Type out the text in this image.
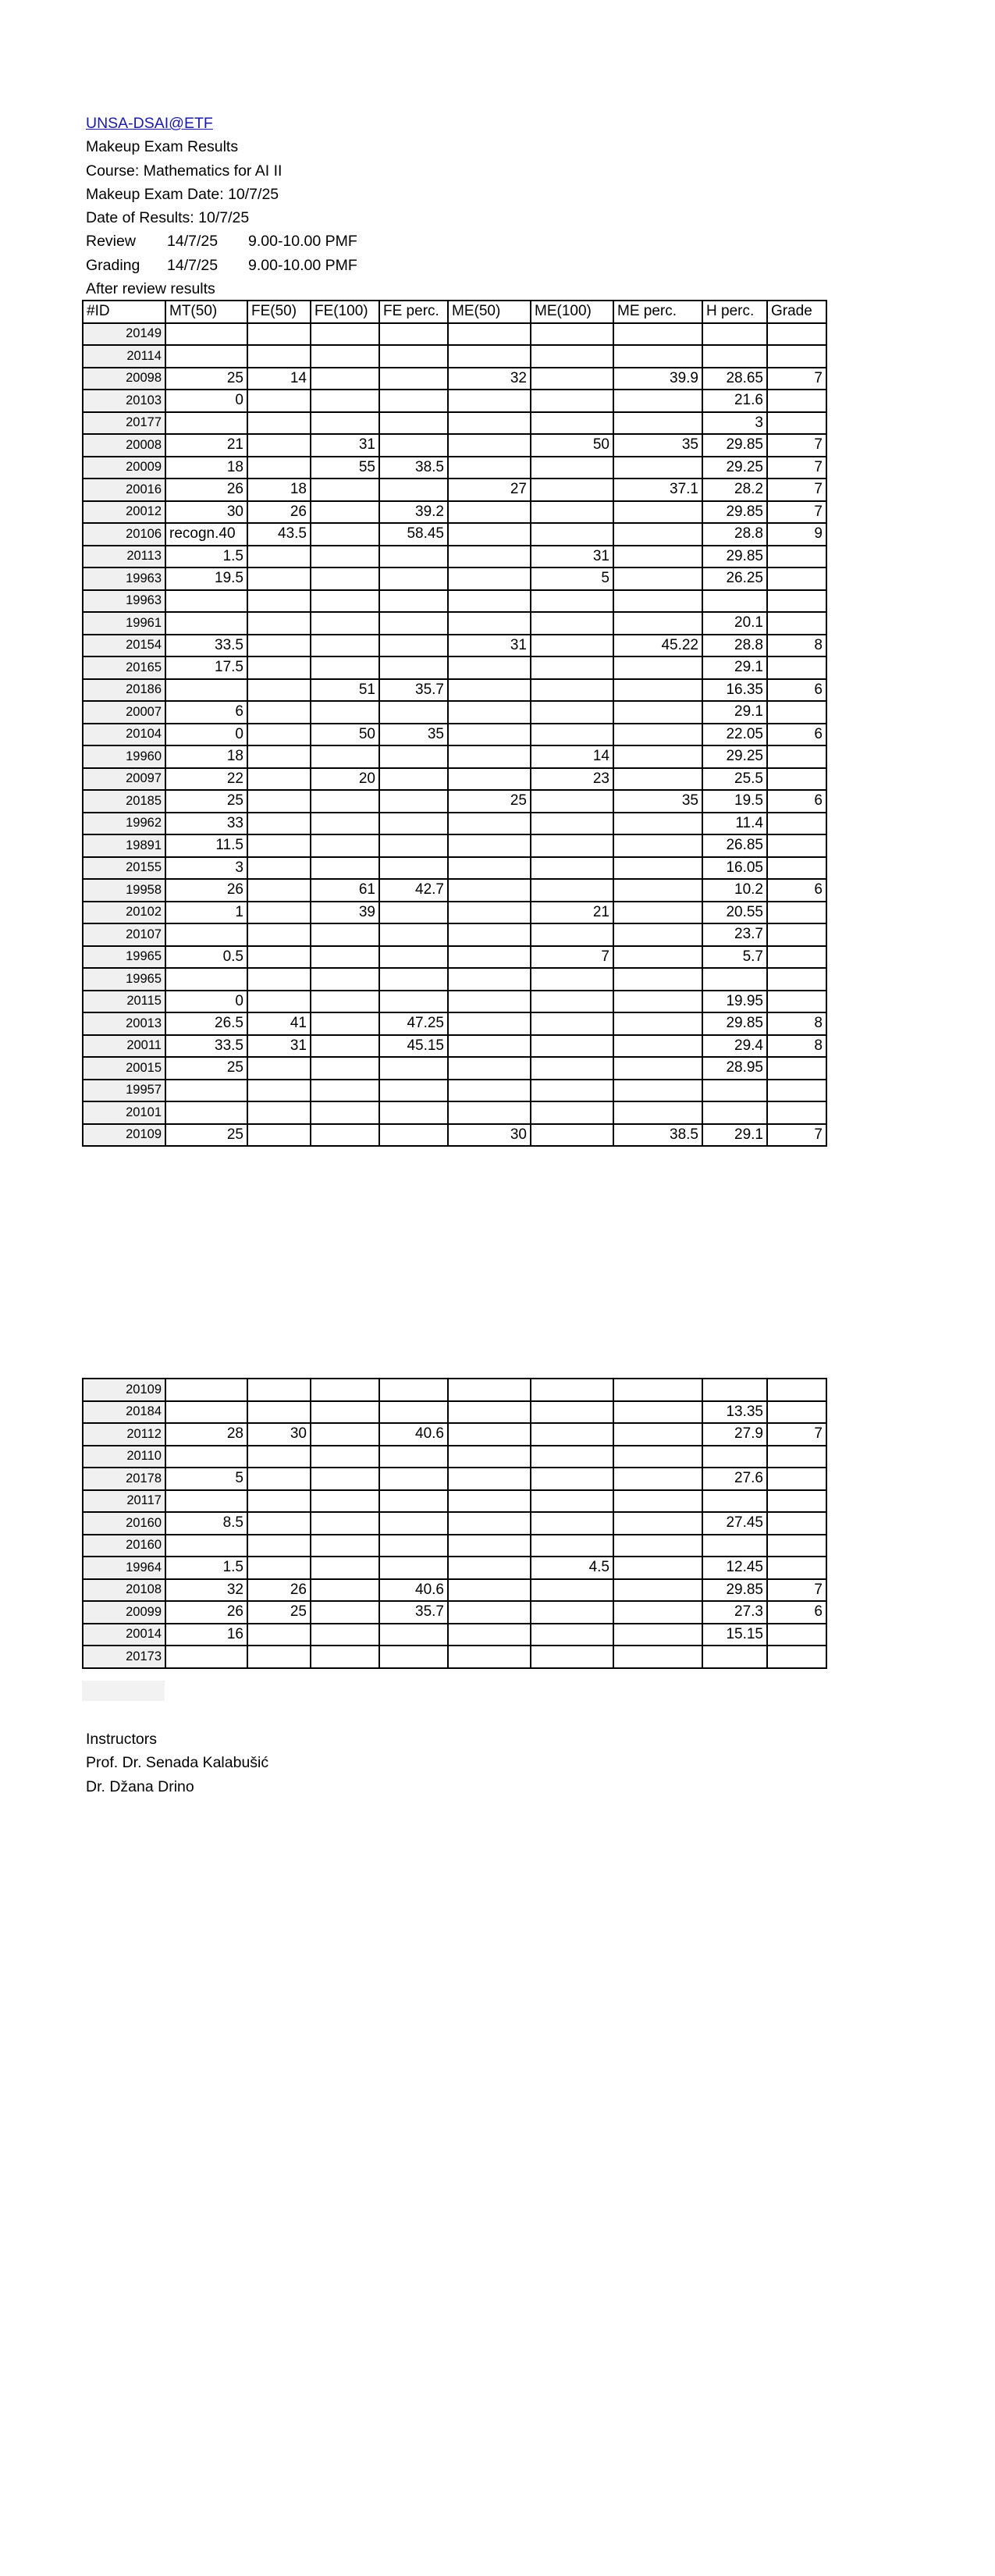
UNSA-DSAI@ETF
Makeup Exam Results
Course: Mathematics for AI II
Makeup Exam Date: 10/7/25
Date of Results: 10/7/25
Review 14/7/25 9.00-10.00 PMF
Grading 14/7/25 9.00-10.00 PMF
After review results
#ID	MT(50)	FE(50)	FE(100)	FE perc.	ME(50)	ME(100)	ME perc.	H perc.	Grade
20149									
20114									
20098	25	14			32		39.9	28.65	7
20103	0							21.6	
20177								3	
20008	21		31			50	35	29.85	7
20009	18		55	38.5				29.25	7
20016	26	18			27		37.1	28.2	7
20012	30	26		39.2				29.85	7
20106	recogn.40	43.5		58.45				28.8	9
20113	1.5					31		29.85	
19963	19.5					5		26.25	
19963									
19961								20.1	
20154	33.5				31		45.22	28.8	8
20165	17.5							29.1	
20186			51	35.7				16.35	6
20007	6							29.1	
20104	0		50	35				22.05	6
19960	18					14		29.25	
20097	22		20			23		25.5	
20185	25				25		35	19.5	6
19962	33							11.4	
19891	11.5							26.85	
20155	3							16.05	
19958	26		61	42.7				10.2	6
20102	1		39			21		20.55	
20107								23.7	
19965	0.5					7		5.7	
19965									
20115	0							19.95	
20013	26.5	41		47.25				29.85	8
20011	33.5	31		45.15				29.4	8
20015	25							28.95	
19957									
20101									
20109	25				30		38.5	29.1	7
20109									
20184								13.35	
20112	28	30		40.6				27.9	7
20110									
20178	5							27.6	
20117									
20160	8.5							27.45	
20160									
19964	1.5					4.5		12.45	
20108	32	26		40.6				29.85	7
20099	26	25		35.7				27.3	6
20014	16							15.15	
20173									
Instructors
Prof. Dr. Senada Kalabušić
Dr. Džana Drino
